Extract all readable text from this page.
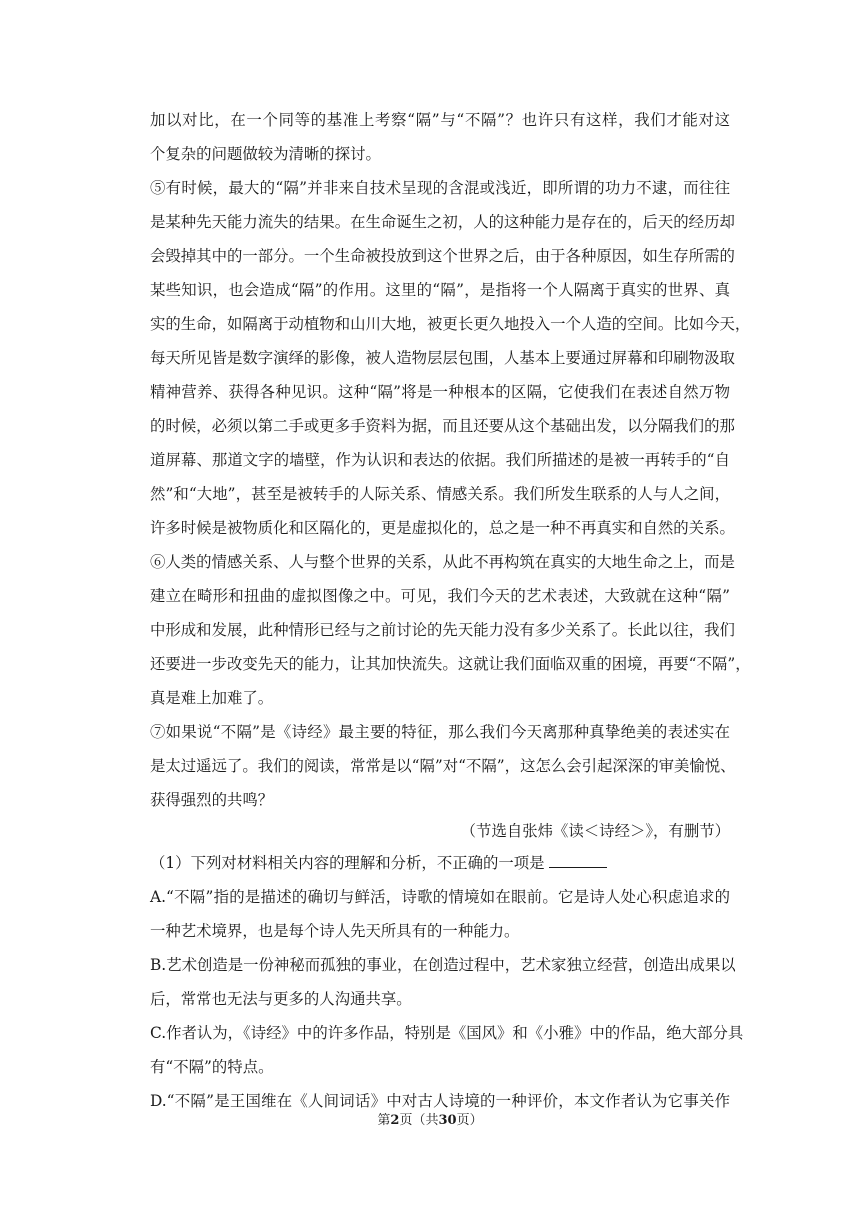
加以对比，在一个同等的基准上考察“隔”与“不隔”？也许只有这样，我们才能对这
个复杂的问题做较为清晰的探讨。
⑤有时候，最大的“隔”并非来自技术呈现的含混或浅近，即所谓的功力不逮，而往往
是某种先天能力流失的结果。在生命诞生之初，人的这种能力是存在的，后天的经历却
会毁掉其中的一部分。一个生命被投放到这个世界之后，由于各种原因，如生存所需的
某些知识，也会造成“隔”的作用。这里的“隔”，是指将一个人隔离于真实的世界、真
实的生命，如隔离于动植物和山川大地，被更长更久地投入一个人造的空间。比如今天，
每天所见皆是数字演绎的影像，被人造物层层包围，人基本上要通过屏幕和印刷物汲取
精神营养、获得各种见识。这种“隔”将是一种根本的区隔，它使我们在表述自然万物
的时候，必须以第二手或更多手资料为据，而且还要从这个基础出发，以分隔我们的那
道屏幕、那道文字的墙壁，作为认识和表达的依据。我们所描述的是被一再转手的“自
然”和“大地”，甚至是被转手的人际关系、情感关系。我们所发生联系的人与人之间，
许多时候是被物质化和区隔化的，更是虚拟化的，总之是一种不再真实和自然的关系。
⑥人类的情感关系、人与整个世界的关系，从此不再构筑在真实的大地生命之上，而是
建立在畸形和扭曲的虚拟图像之中。可见，我们今天的艺术表述，大致就在这种“隔”
中形成和发展，此种情形已经与之前讨论的先天能力没有多少关系了。长此以往，我们
还要进一步改变先天的能力，让其加快流失。这就让我们面临双重的困境，再要“不隔”，
真是难上加难了。
⑦如果说“不隔”是《诗经》最主要的特征，那么我们今天离那种真挚绝美的表述实在
是太过遥远了。我们的阅读，常常是以“隔”对“不隔”，这怎么会引起深深的审美愉悦、
获得强烈的共鸣？
（节选自张炜《读＜诗经＞》，有删节）
（1）下列对材料相关内容的理解和分析，不正确的一项是
A.“不隔”指的是描述的确切与鲜活，诗歌的情境如在眼前。它是诗人处心积虑追求的
一种艺术境界，也是每个诗人先天所具有的一种能力。
B.艺术创造是一份神秘而孤独的事业，在创造过程中，艺术家独立经营，创造出成果以
后，常常也无法与更多的人沟通共享。
C.作者认为，《诗经》中的许多作品，特别是《国风》和《小雅》中的作品，绝大部分具
有“不隔”的特点。
D.“不隔”是王国维在《人间词话》中对古人诗境的一种评价，本文作者认为它事关作
第2页（共30页）
